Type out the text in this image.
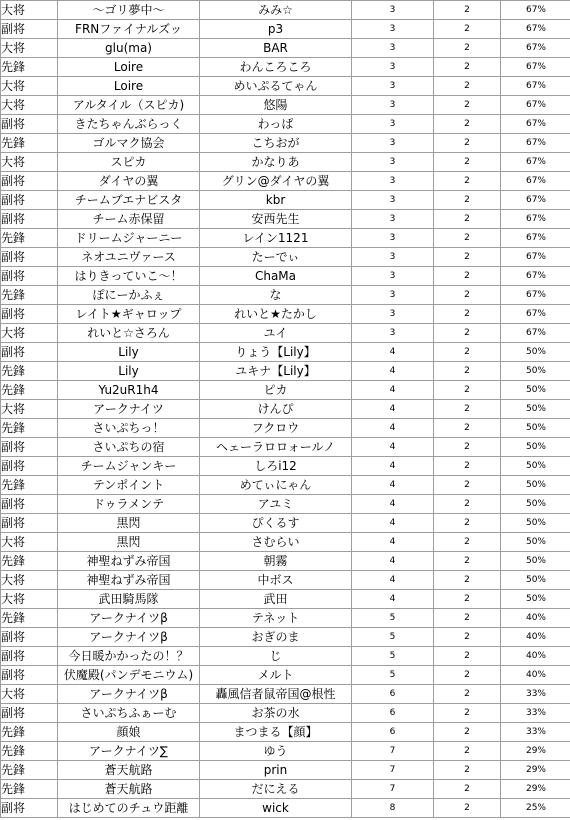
大将	～ゴリ夢中～	みみ☆	3	2	67%
副将	FRNファイナルズッ	p3	3	2	67%
大将	glu(ma)	BAR	3	2	67%
先鋒	Loire	わんころころ	3	2	67%
大将	Loire	めいぷるてゃん	3	2	67%
大将	アルタイル（スピカ)	悠陽	3	2	67%
副将	きたちゃんぶらっく	わっぱ	3	2	67%
先鋒	ゴルマク協会	こちおが	3	2	67%
大将	スピカ	かなりあ	3	2	67%
副将	ダイヤの翼	グリン@ダイヤの翼	3	2	67%
副将	チームブエナビスタ	kbr	3	2	67%
副将	チーム赤保留	安西先生	3	2	67%
先鋒	ドリームジャーニー	レイン1121	3	2	67%
副将	ネオユニヴァース	たーでぃ	3	2	67%
副将	はりきっていこ～！	ChaMa	3	2	67%
先鋒	ぽにーかふぇ	な	3	2	67%
副将	レイト★ギャロップ	れいと★たかし	3	2	67%
大将	れいと☆さろん	ユイ	3	2	67%
副将	Lily	りょう【Lily】	4	2	50%
先鋒	Lily	ユキナ【Lily】	4	2	50%
先鋒	Yu2uR1h4	ピカ	4	2	50%
大将	アークナイツ	けんぴ	4	2	50%
先鋒	さいぷちっ！	フクロウ	4	2	50%
副将	さいぷちの宿	ヘェーラロロォールノ	4	2	50%
副将	チームジャンキー	しろi12	4	2	50%
先鋒	テンポイント	めてぃにゃん	4	2	50%
副将	ドゥラメンテ	アユミ	4	2	50%
副将	黒閃	ぴくるす	4	2	50%
大将	黒閃	さむらい	4	2	50%
先鋒	神聖ねずみ帝国	朝霧	4	2	50%
大将	神聖ねずみ帝国	中ボス	4	2	50%
大将	武田騎馬隊	武田	4	2	50%
先鋒	アークナイツβ	テネット	5	2	40%
副将	アークナイツβ	おぎのま	5	2	40%
副将	今日暖かかったの！？	じ	5	2	40%
副将	伏魔殿(パンデモニウム)	メルト	5	2	40%
大将	アークナイツβ	轟風信者鼠帝国@根性	6	2	33%
副将	さいぷちふぁーむ	お茶の水	6	2	33%
先鋒	顔娘	まつまる【顔】	6	2	33%
先鋒	アークナイツ∑	ゆう	7	2	29%
先鋒	蒼天航路	prin	7	2	29%
先鋒	蒼天航路	だにえる	7	2	29%
副将	はじめてのチュウ距離	wick	8	2	25%
